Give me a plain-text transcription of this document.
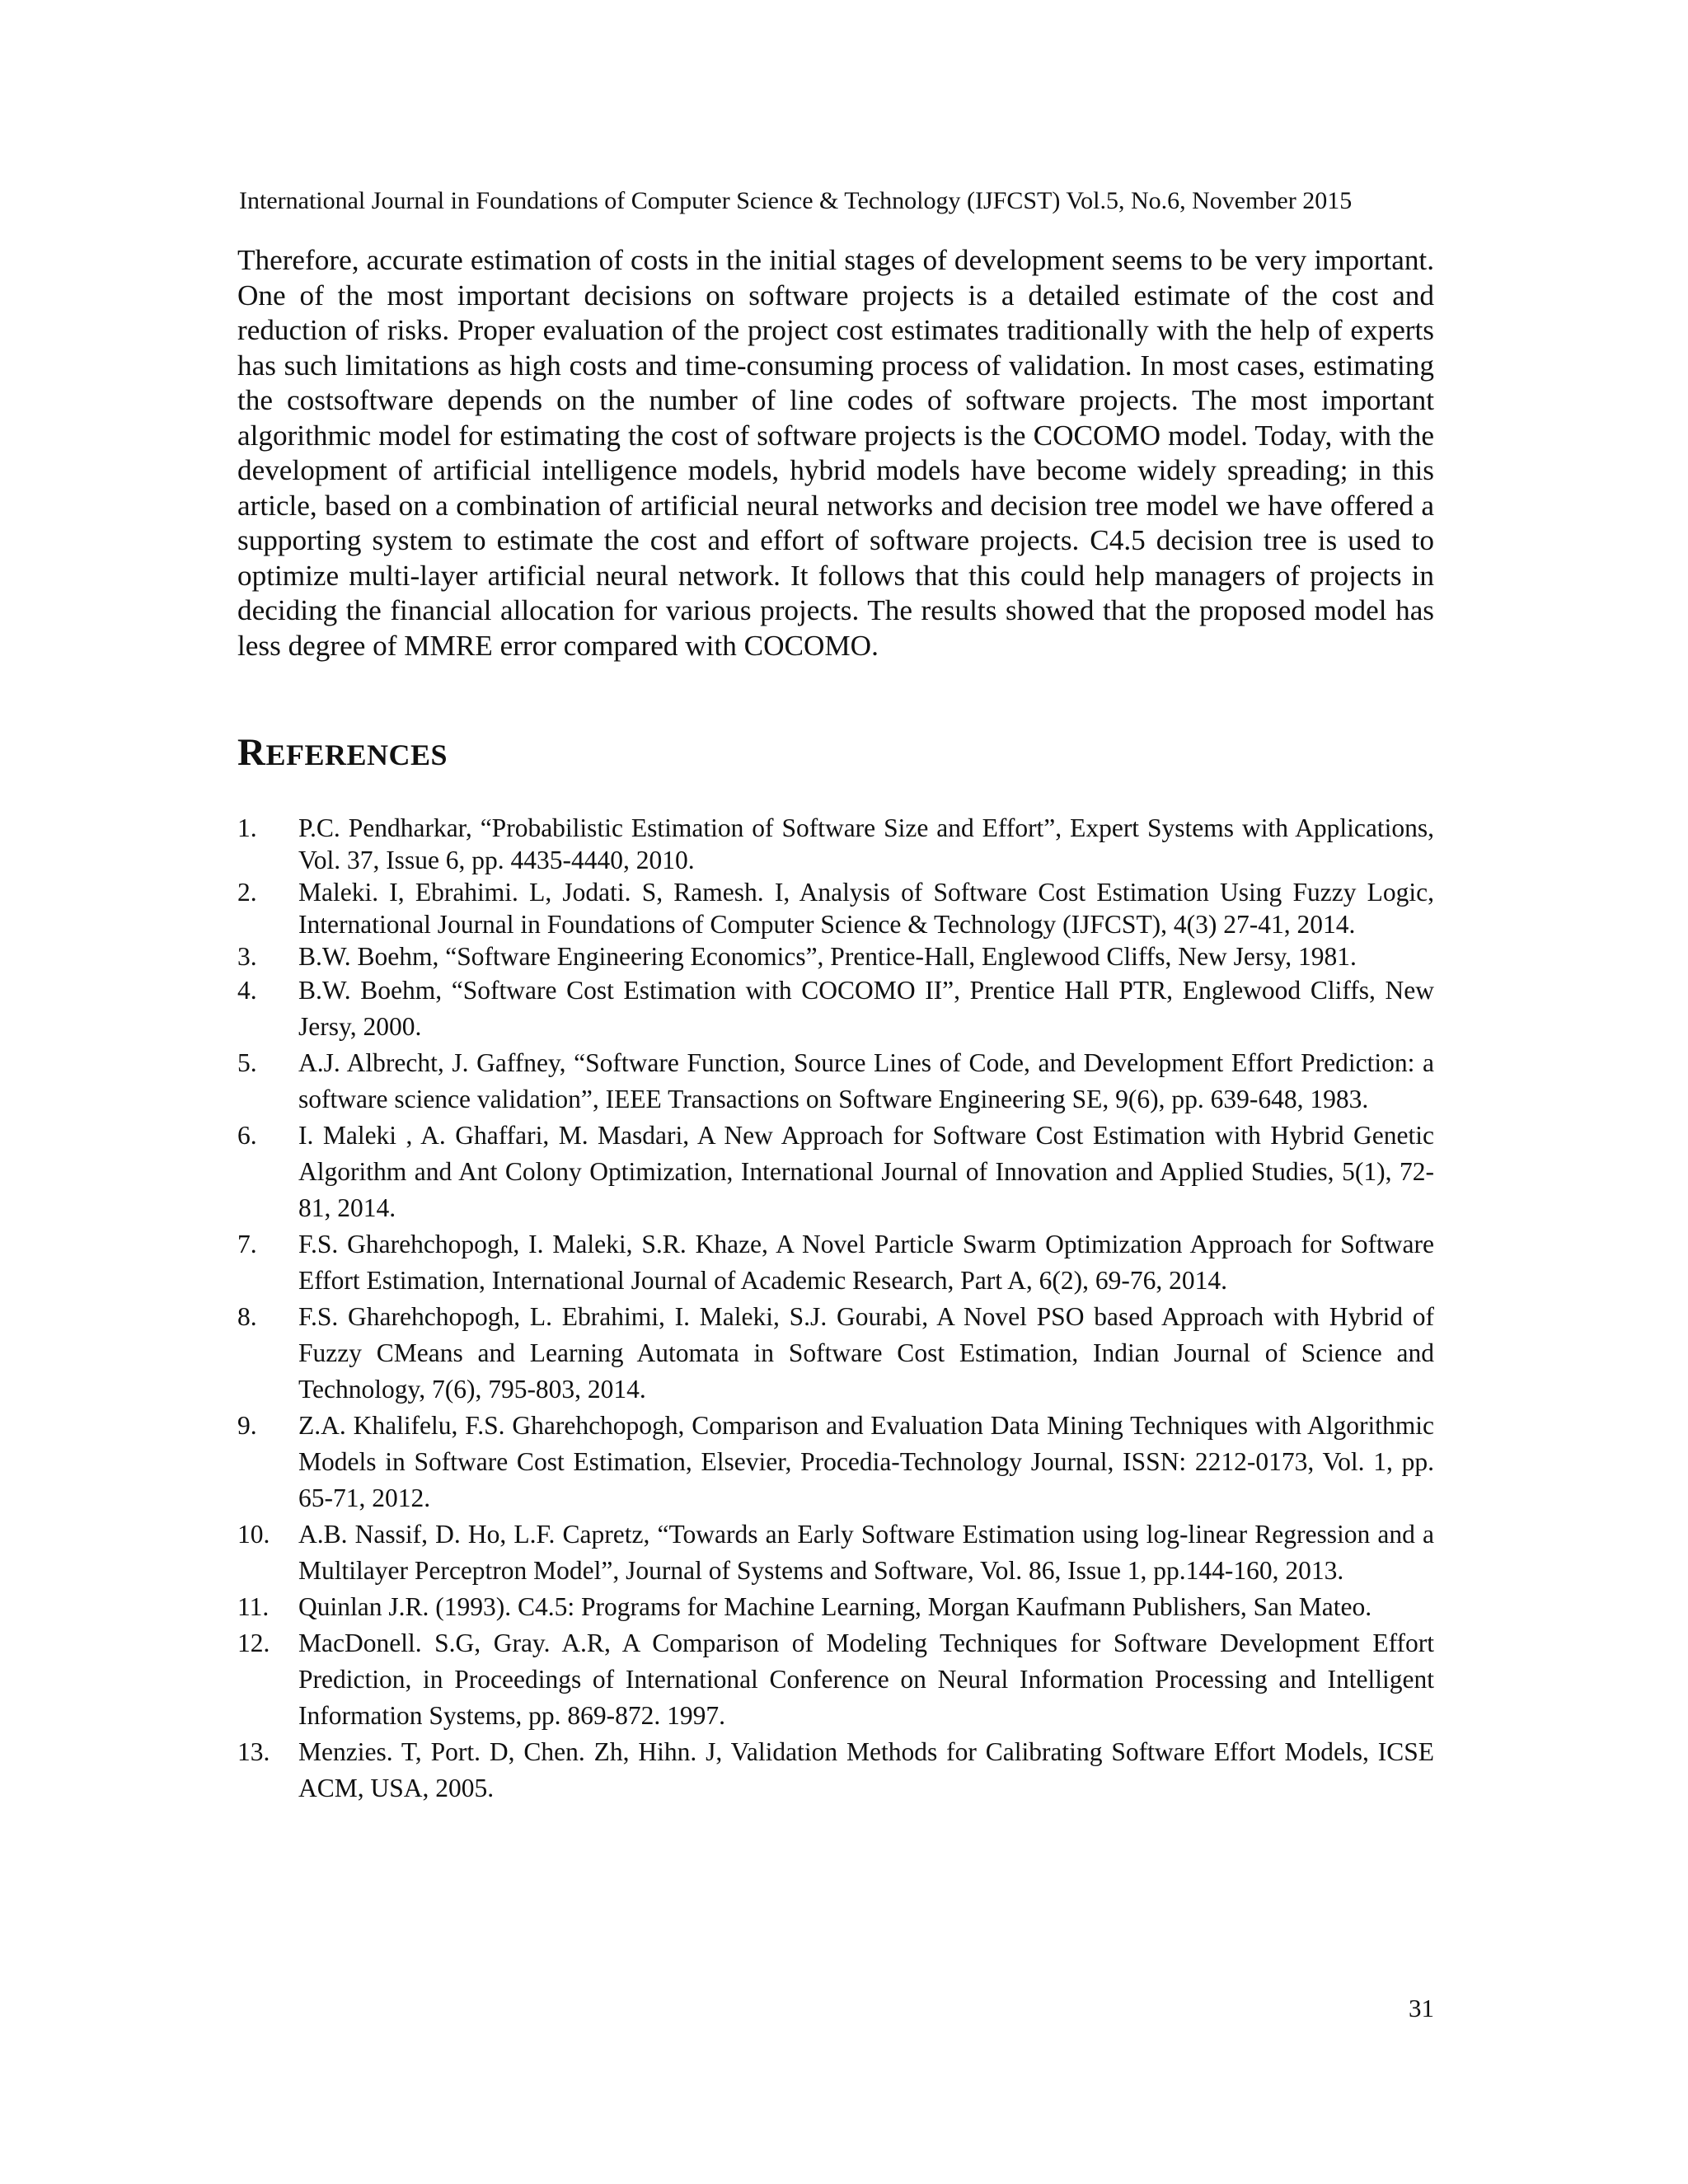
International Journal in Foundations of Computer Science & Technology (IJFCST) Vol.5, No.6, November 2015

Therefore, accurate estimation of costs in the initial stages of development seems to be very important. One of the most important decisions on software projects is a detailed estimate of the cost and reduction of risks. Proper evaluation of the project cost estimates traditionally with the help of experts has such limitations as high costs and time-consuming process of validation. In most cases, estimating the costsoftware depends on the number of line codes of software projects. The most important algorithmic model for estimating the cost of software projects is the COCOMO model. Today, with the development of artificial intelligence models, hybrid models have become widely spreading; in this article, based on a combination of artificial neural networks and decision tree model we have offered a supporting system to estimate the cost and effort of software projects. C4.5 decision tree is used to optimize multi-layer artificial neural network. It follows that this could help managers of projects in deciding the financial allocation for various projects. The results showed that the proposed model has less degree of MMRE error compared with COCOMO.

REFERENCES
1.	P.C. Pendharkar, “Probabilistic Estimation of Software Size and Effort”, Expert Systems with Applications, Vol. 37, Issue 6, pp. 4435-4440, 2010.
2.	Maleki. I, Ebrahimi. L, Jodati. S, Ramesh. I, Analysis of Software Cost Estimation Using Fuzzy Logic, International Journal in Foundations of Computer Science & Technology (IJFCST), 4(3) 27-41, 2014.
3.	B.W. Boehm, “Software Engineering Economics”, Prentice-Hall, Englewood Cliffs, New Jersy, 1981.
4.	B.W. Boehm, “Software Cost Estimation with COCOMO II”, Prentice Hall PTR, Englewood Cliffs, New Jersy, 2000.
5.	A.J. Albrecht, J. Gaffney, “Software Function, Source Lines of Code, and Development Effort Prediction: a software science validation”, IEEE Transactions on Software Engineering SE, 9(6), pp. 639-648, 1983.
6.	I. Maleki , A. Ghaffari, M. Masdari, A New Approach for Software Cost Estimation with Hybrid Genetic Algorithm and Ant Colony Optimization, International Journal of Innovation and Applied Studies, 5(1), 72-81, 2014.
7.	F.S. Gharehchopogh, I. Maleki, S.R. Khaze, A Novel Particle Swarm Optimization Approach for Software Effort Estimation, International Journal of Academic Research, Part A, 6(2), 69-76, 2014.
8.	F.S. Gharehchopogh, L. Ebrahimi, I. Maleki, S.J. Gourabi, A Novel PSO based Approach with Hybrid of Fuzzy CMeans and Learning Automata in Software Cost Estimation, Indian Journal of Science and Technology, 7(6), 795-803, 2014.
9.	Z.A. Khalifelu, F.S. Gharehchopogh, Comparison and Evaluation Data Mining Techniques with Algorithmic Models in Software Cost Estimation, Elsevier, Procedia-Technology Journal, ISSN: 2212-0173, Vol. 1, pp. 65-71, 2012.
10.	A.B. Nassif, D. Ho, L.F. Capretz, “Towards an Early Software Estimation using log-linear Regression and a Multilayer Perceptron Model”, Journal of Systems and Software, Vol. 86, Issue 1, pp.144-160, 2013.
11.	Quinlan J.R. (1993). C4.5: Programs for Machine Learning, Morgan Kaufmann Publishers, San Mateo.
12.	MacDonell. S.G, Gray. A.R, A Comparison of Modeling Techniques for Software Development Effort Prediction, in Proceedings of International Conference on Neural Information Processing and Intelligent Information Systems, pp. 869-872. 1997.
13.	Menzies. T, Port. D, Chen. Zh, Hihn. J, Validation Methods for Calibrating Software Effort Models, ICSE ACM, USA, 2005.
31
